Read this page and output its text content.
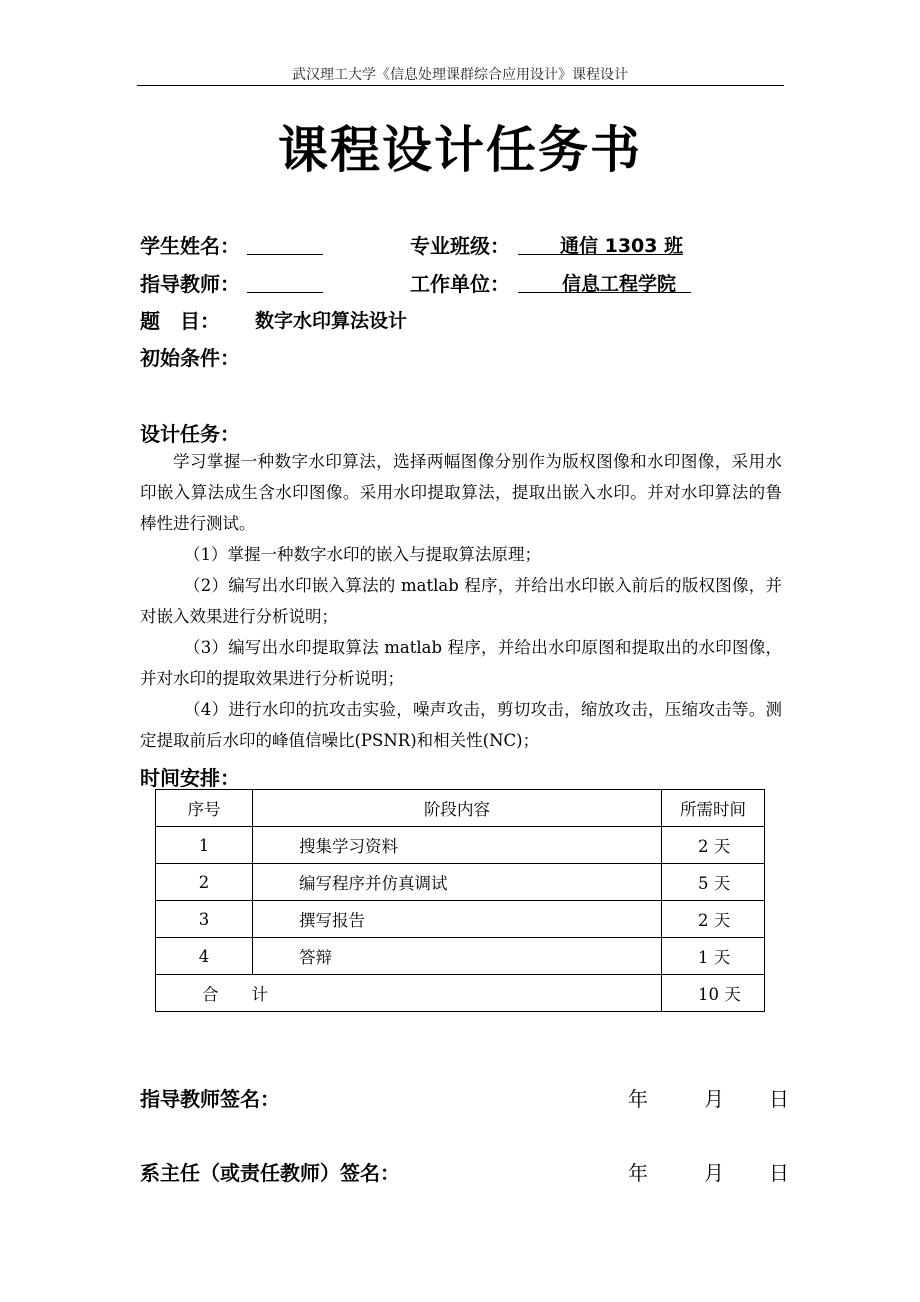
武汉理工大学《信息处理课群综合应用设计》课程设计
课程设计任务书
学生姓名：	专业班级：	通信 1303 班
指导教师：	工作单位：	信息工程学院
题　目： 数字水印算法设计
初始条件：
设计任务：
学习掌握一种数字水印算法，选择两幅图像分别作为版权图像和水印图像，采用水印嵌入算法成生含水印图像。采用水印提取算法，提取出嵌入水印。并对水印算法的鲁棒性进行测试。
（1）掌握一种数字水印的嵌入与提取算法原理；
（2）编写出水印嵌入算法的 matlab 程序，并给出水印嵌入前后的版权图像，并对嵌入效果进行分析说明；
（3）编写出水印提取算法 matlab 程序，并给出水印原图和提取出的水印图像，并对水印的提取效果进行分析说明；
（4）进行水印的抗攻击实验，噪声攻击，剪切攻击，缩放攻击，压缩攻击等。测定提取前后水印的峰值信噪比(PSNR)和相关性(NC)；
时间安排：
序号	阶段内容	所需时间
1	搜集学习资料	2 天
2	编写程序并仿真调试	5 天
3	撰写报告	2 天
4	答辩	1 天
合　　计		10 天
指导教师签名：	年	月 日
系主任（或责任教师）签名：	年	月 日
